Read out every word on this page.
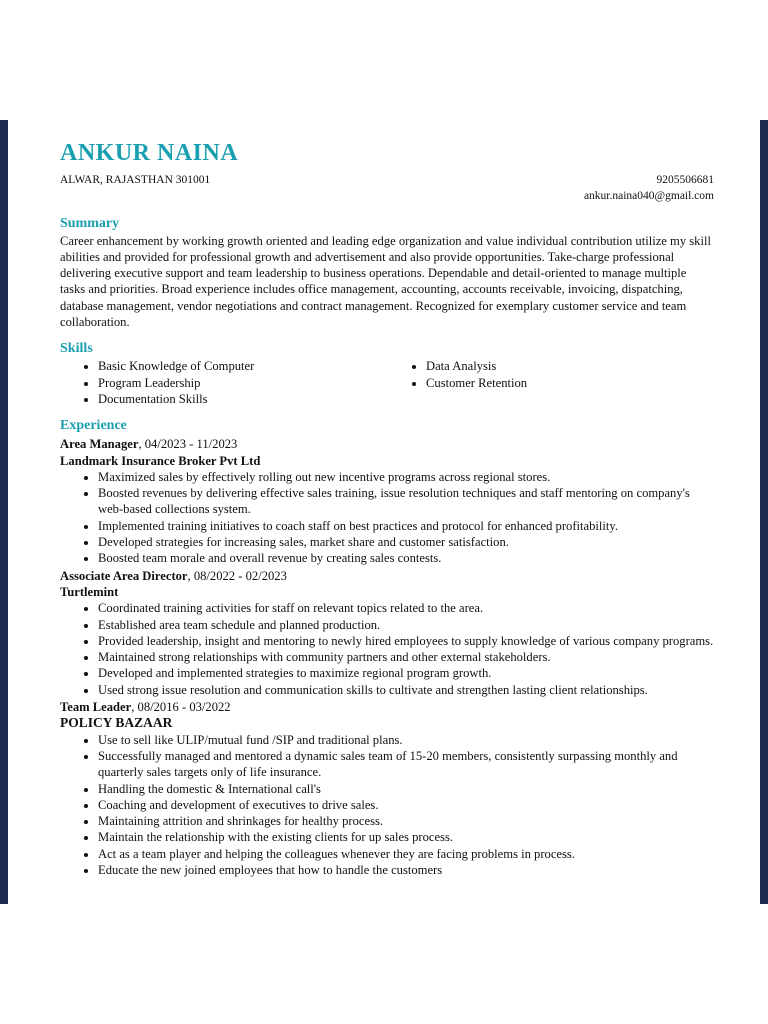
ANKUR NAINA
ALWAR, RAJASTHAN 301001	9205506681
ankur.naina040@gmail.com
Summary

Career enhancement by working growth oriented and leading edge organization and value individual contribution utilize my skill abilities and provided for professional growth and advertisement and also provide opportunities. Take-charge professional delivering executive support and team leadership to business operations. Dependable and detail-oriented to manage multiple tasks and priorities. Broad experience includes office management, accounting, accounts receivable, invoicing, dispatching, database management, vendor negotiations and contract management. Recognized for exemplary customer service and team collaboration.

Skills
• Basic Knowledge of Computer
• Program Leadership
• Documentation Skills
• Data Analysis
• Customer Retention
Experience
Area Manager, 04/2023 - 11/2023
Landmark Insurance Broker Pvt Ltd
• Maximized sales by effectively rolling out new incentive programs across regional stores.
• Boosted revenues by delivering effective sales training, issue resolution techniques and staff mentoring on company's web-based collections system.
• Implemented training initiatives to coach staff on best practices and protocol for enhanced profitability.
• Developed strategies for increasing sales, market share and customer satisfaction.
• Boosted team morale and overall revenue by creating sales contests.
Associate Area Director, 08/2022 - 02/2023
Turtlemint
• Coordinated training activities for staff on relevant topics related to the area.
• Established area team schedule and planned production.
• Provided leadership, insight and mentoring to newly hired employees to supply knowledge of various company programs.
• Maintained strong relationships with community partners and other external stakeholders.
• Developed and implemented strategies to maximize regional program growth.
• Used strong issue resolution and communication skills to cultivate and strengthen lasting client relationships.
Team Leader, 08/2016 - 03/2022
POLICY BAZAAR
• Use to sell like ULIP/mutual fund /SIP and traditional plans.
• Successfully managed and mentored a dynamic sales team of 15-20 members, consistently surpassing monthly and quarterly sales targets only of life insurance.
• Handling the domestic & International call's
• Coaching and development of executives to drive sales.
• Maintaining attrition and shrinkages for healthy process.
• Maintain the relationship with the existing clients for up sales process.
• Act as a team player and helping the colleagues whenever they are facing problems in process.
• Educate the new joined employees that how to handle the customers
